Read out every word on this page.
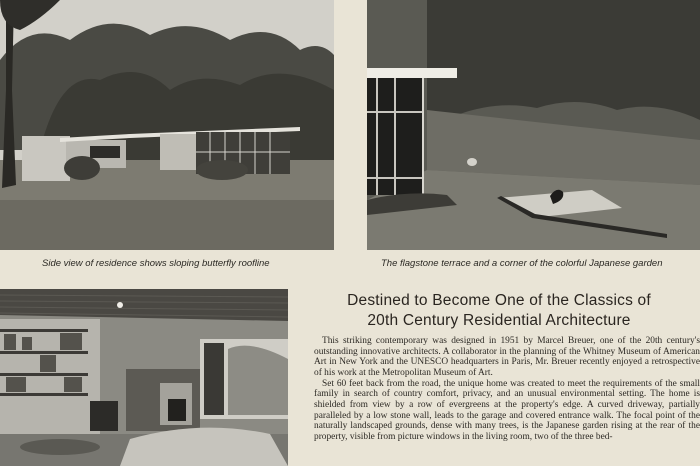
Side view of residence shows sloping butterfly roofline	The flagstone terrace and a corner of the colorful Japanese garden
Destined to Become One of the Classics of
20th Century Residential Architecture

This striking contemporary was designed in 1951 by Marcel Breuer, one of the 20th century's outstanding innovative architects. A collaborator in the planning of the Whitney Museum of American Art in New York and the UNESCO headquarters in Paris, Mr. Breuer recently enjoyed a retrospective of his work at the Metropolitan Museum of Art.

Set 60 feet back from the road, the unique home was created to meet the requirements of the small family in search of country comfort, privacy, and an unusual environmental setting. The home is shielded from view by a row of evergreens at the property's edge. A curved driveway, partially paralleled by a low stone wall, leads to the garage and covered entrance walk. The focal point of the naturally landscaped grounds, dense with many trees, is the Japanese garden rising at the rear of the property, visible from picture windows in the living room, two of the three bed-
